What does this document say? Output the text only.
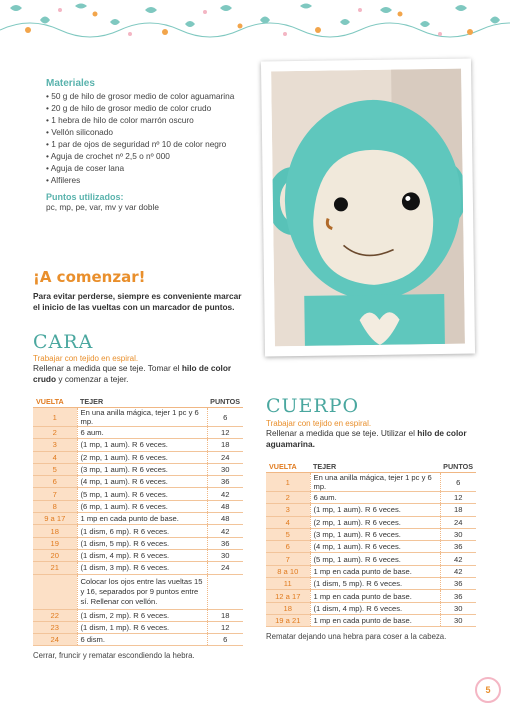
Materiales
• 50 g de hilo de grosor medio de color aguamarina
• 20 g de hilo de grosor medio de color crudo
• 1 hebra de hilo de color marrón oscuro
• Vellón siliconado
• 1 par de ojos de seguridad nº 10 de color negro
• Aguja de crochet nº 2,5 o nº 000
• Aguja de coser lana
• Alfileres
Puntos utilizados:
pc, mp, pe, var, mv y var doble
¡A comenzar!
Para evitar perderse, siempre es conveniente marcar el inicio de las vueltas con un marcador de puntos.
CARA
Trabajar con tejido en espiral.
Rellenar a medida que se teje. Tomar el hilo de color crudo y comenzar a tejer.
VUELTA	TEJER	PUNTOS
1	En una anilla mágica, tejer 1 pc y 6 mp.	6
2	6 aum.	12
3	(1 mp, 1 aum). R 6 veces.	18
4	(2 mp, 1 aum). R 6 veces.	24
5	(3 mp, 1 aum). R 6 veces.	30
6	(4 mp, 1 aum). R 6 veces.	36
7	(5 mp, 1 aum). R 6 veces.	42
8	(6 mp, 1 aum). R 6 veces.	48
9 a 17	1 mp en cada punto de base.	48
18	(1 dism, 6 mp). R 6 veces.	42
19	(1 dism, 5 mp). R 6 veces.	36
20	(1 dism, 4 mp). R 6 veces.	30
21	(1 dism, 3 mp). R 6 veces.	24
	Colocar los ojos entre las vueltas 15 y 16, separados por 9 puntos entre sí. Rellenar con vellón.	
22	(1 dism, 2 mp). R 6 veces.	18
23	(1 dism, 1 mp). R 6 veces.	12
24	6 dism.	6
Cerrar, fruncir y rematar escondiendo la hebra.
CUERPO
Trabajar con tejido en espiral.
Rellenar a medida que se teje. Utilizar el hilo de color aguamarina.
VUELTA	TEJER	PUNTOS
1	En una anilla mágica, tejer 1 pc y 6 mp.	6
2	6 aum.	12
3	(1 mp, 1 aum). R 6 veces.	18
4	(2 mp, 1 aum). R 6 veces.	24
5	(3 mp, 1 aum). R 6 veces.	30
6	(4 mp, 1 aum). R 6 veces.	36
7	(5 mp, 1 aum). R 6 veces.	42
8 a 10	1 mp en cada punto de base.	42
11	(1 dism, 5 mp). R 6 veces.	36
12 a 17	1 mp en cada punto de base.	36
18	(1 dism, 4 mp). R 6 veces.	30
19 a 21	1 mp en cada punto de base.	30
Rematar dejando una hebra para coser a la cabeza.
5
